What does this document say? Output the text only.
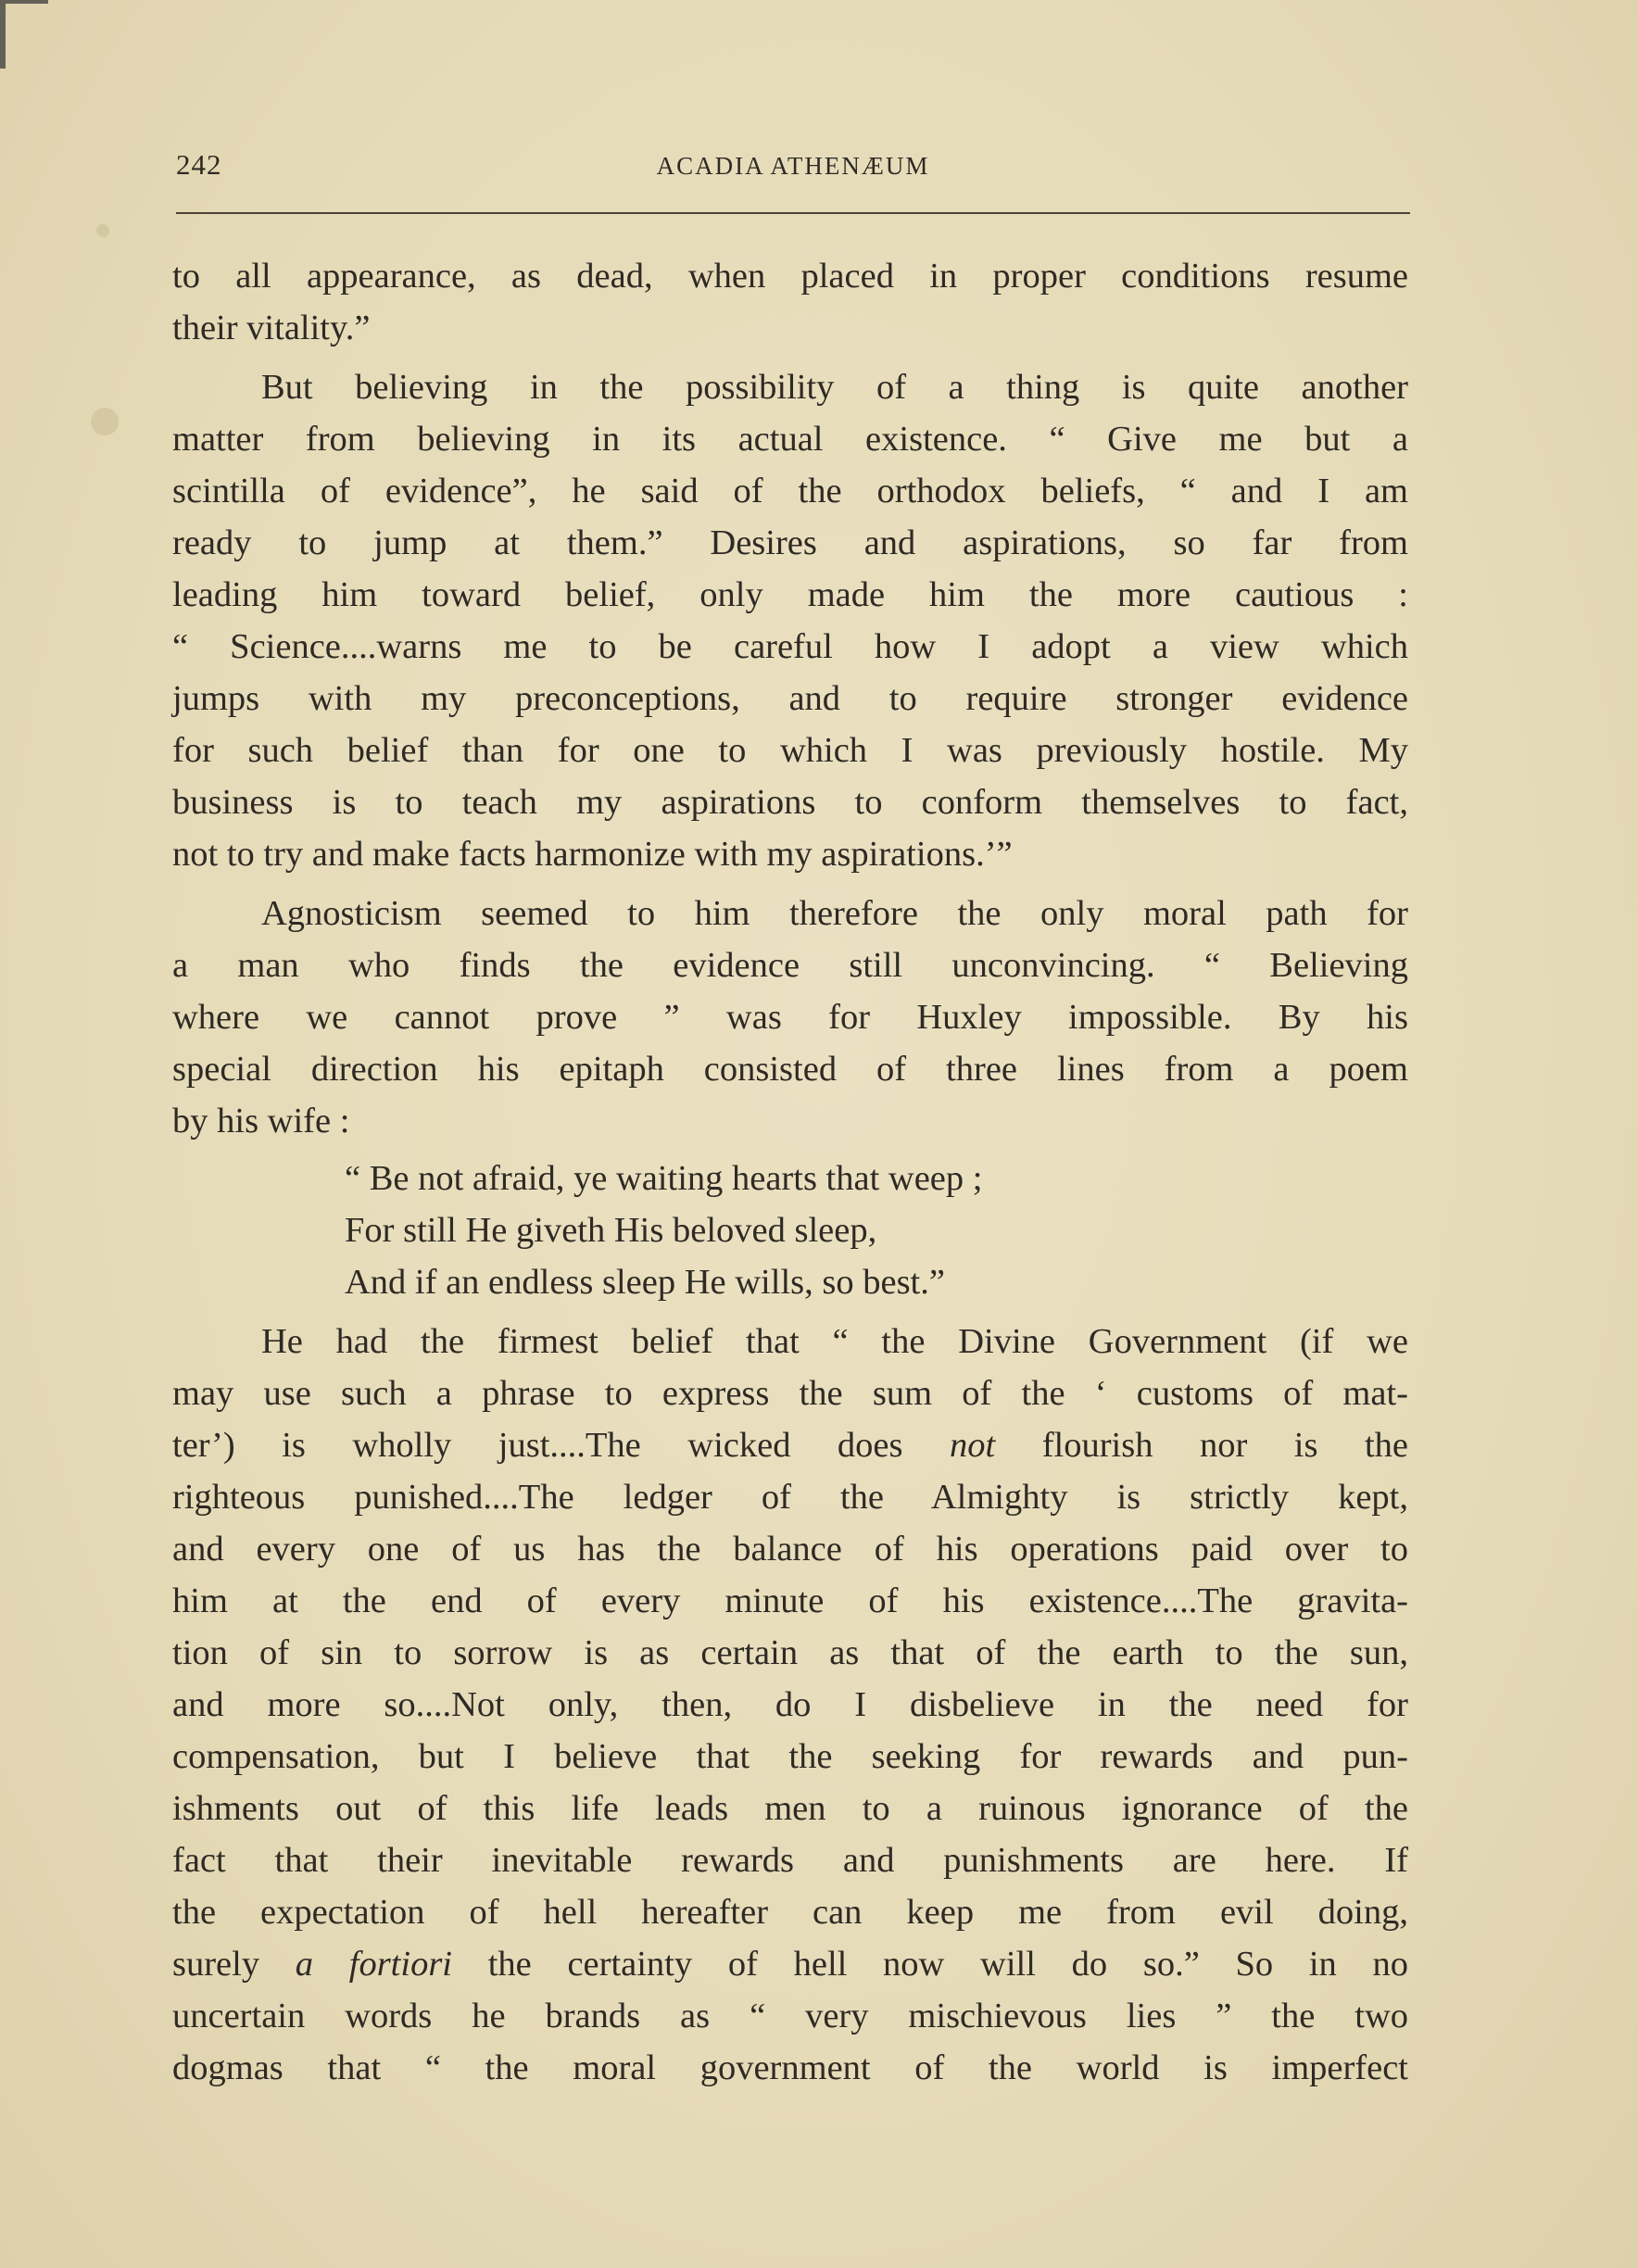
242	ACADIA ATHENÆUM
to all appearance, as dead, when placed in proper conditions resume
their vitality.”
But believing in the possibility of a thing is quite another
matter from believing in its actual existence. “ Give me but a
scintilla of evidence”, he said of the orthodox beliefs, “ and I am
ready to jump at them.” Desires and aspirations, so far from
leading him toward belief, only made him the more cautious :
“ Science....warns me to be careful how I adopt a view which
jumps with my preconceptions, and to require stronger evidence
for such belief than for one to which I was previously hostile. My
business is to teach my aspirations to conform themselves to fact,
not to try and make facts harmonize with my aspirations.’”
Agnosticism seemed to him therefore the only moral path for
a man who finds the evidence still unconvincing. “ Believing
where we cannot prove ” was for Huxley impossible. By his
special direction his epitaph consisted of three lines from a poem
by his wife :
“ Be not afraid, ye waiting hearts that weep ;
For still He giveth His beloved sleep,
And if an endless sleep He wills, so best.”
He had the firmest belief that “ the Divine Government (if we
may use such a phrase to express the sum of the ‘ customs of mat-
ter’) is wholly just....The wicked does not flourish nor is the
righteous punished....The ledger of the Almighty is strictly kept,
and every one of us has the balance of his operations paid over to
him at the end of every minute of his existence....The gravita-
tion of sin to sorrow is as certain as that of the earth to the sun,
and more so....Not only, then, do I disbelieve in the need for
compensation, but I believe that the seeking for rewards and pun-
ishments out of this life leads men to a ruinous ignorance of the
fact that their inevitable rewards and punishments are here. If
the expectation of hell hereafter can keep me from evil doing,
surely a fortiori the certainty of hell now will do so.” So in no
uncertain words he brands as “ very mischievous lies ” the two
dogmas that “ the moral government of the world is imperfect
